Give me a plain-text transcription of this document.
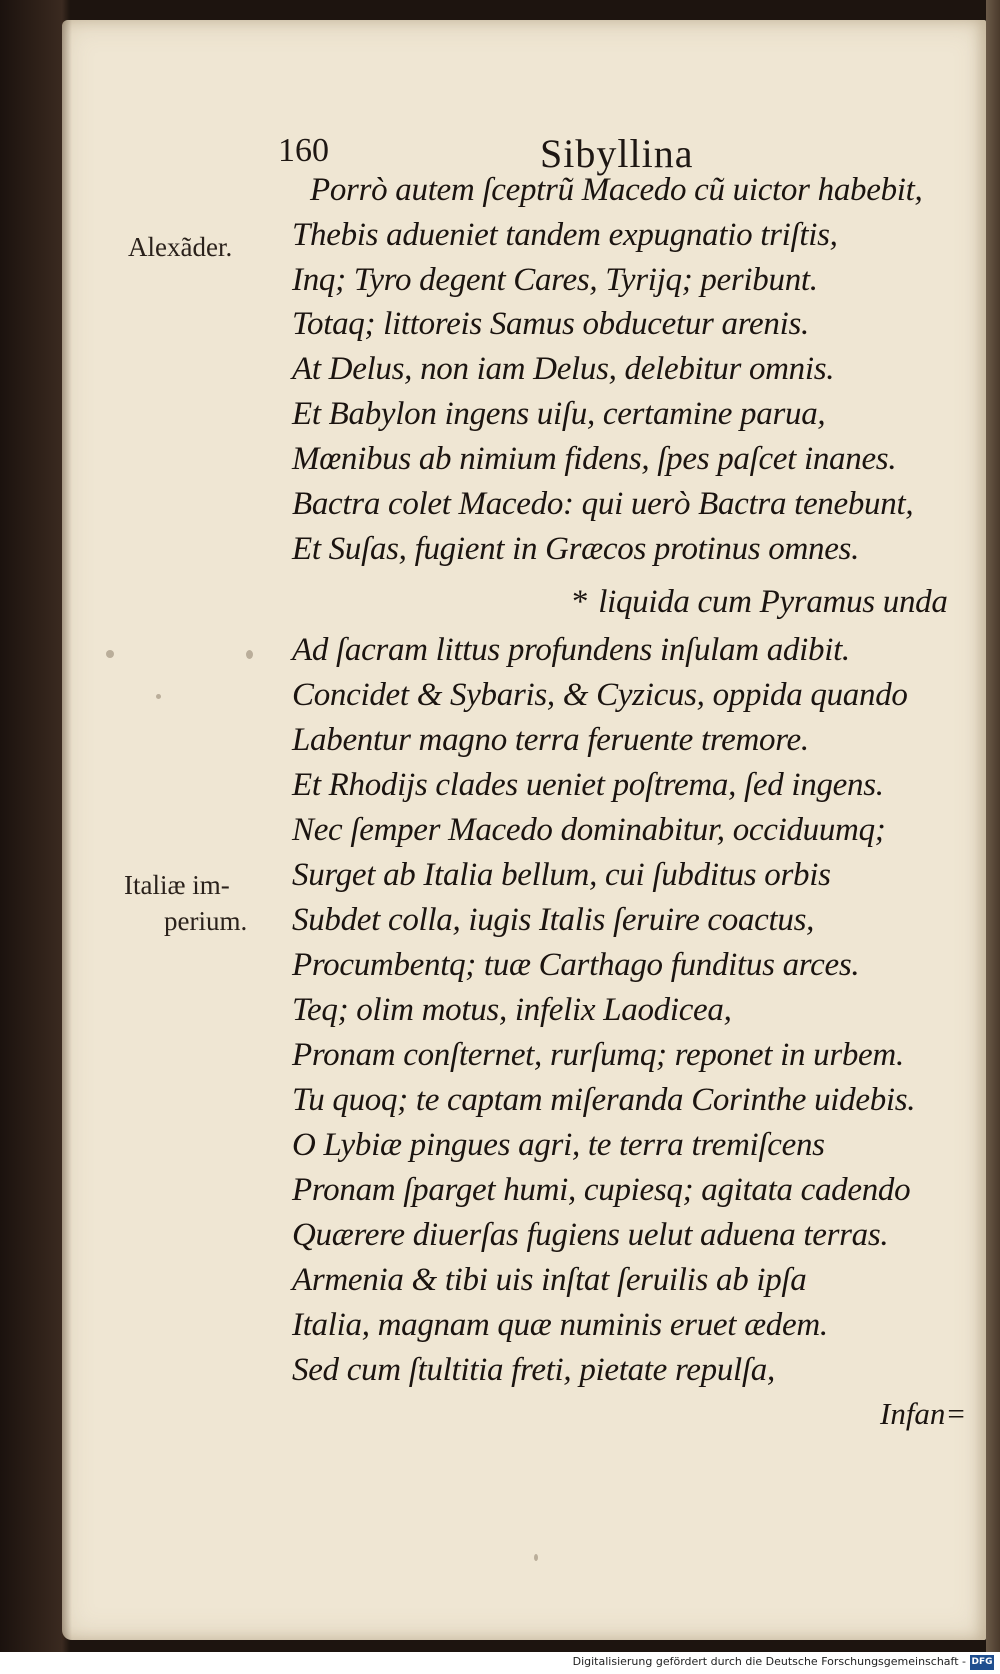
160	Sibyllina
Porrò autem ſceptrũ Macedo cũ uictor habebit,
Thebis adueniet tandem expugnatio triſtis,
Inq; Tyro degent Cares, Tyrijq; peribunt.
Totaq; littoreis Samus obducetur arenis.
At Delus, non iam Delus, delebitur omnis.
Et Babylon ingens uiſu, certamine parua,
Mœnibus ab nimium fidens, ſpes paſcet inanes.
Bactra colet Macedo: qui uerò Bactra tenebunt,
Et Suſas, fugient in Græcos protinus omnes.
* liquida cum Pyramus unda
Ad ſacram littus profundens inſulam adibit.
Concidet & Sybaris, & Cyzicus, oppida quando
Labentur magno terra feruente tremore.
Et Rhodijs clades ueniet poſtrema, ſed ingens.
Nec ſemper Macedo dominabitur, occiduumq;
Surget ab Italia bellum, cui ſubditus orbis
Subdet colla, iugis Italis ſeruire coactus,
Procumbentq; tuæ Carthago funditus arces.
Teq; olim motus, infelix Laodicea,
Pronam conſternet, rurſumq; reponet in urbem.
Tu quoq; te captam miſeranda Corinthe uidebis.
O Lybiæ pingues agri, te terra tremiſcens
Pronam ſparget humi, cupiesq; agitata cadendo
Quærere diuerſas fugiens uelut aduena terras.
Armenia & tibi uis inſtat ſeruilis ab ipſa
Italia, magnam quæ numinis eruet ædem.
Sed cum ſtultitia freti, pietate repulſa,
Alexãder.
Italiæ im-
perium.
Infan=
Digitalisierung gefördert durch die Deutsche Forschungsgemeinschaft - DFG
